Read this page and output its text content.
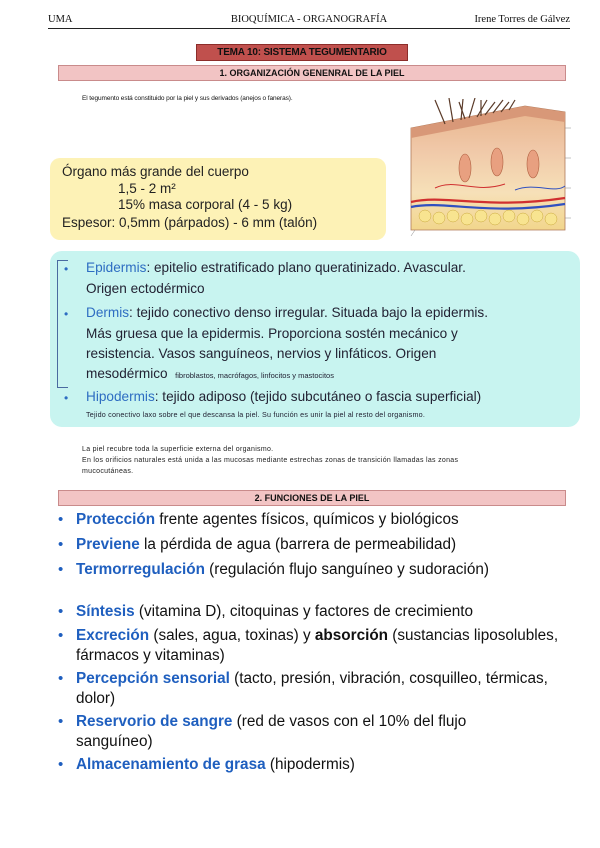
UMA	BIOQUÍMICA - ORGANOGRAFÍA	Irene Torres de Gálvez
TEMA 10: SISTEMA TEGUMENTARIO
1. ORGANIZACIÓN GENENRAL DE LA PIEL
El tegumento está constituido por la piel y sus derivados (anejos o faneras).
Órgano más grande del cuerpo
1,5 - 2 m²
15% masa corporal (4 - 5 kg)
Espesor: 0,5mm (párpados) - 6 mm (talón)
• Epidermis: epitelio estratificado plano queratinizado. Avascular.
Origen ectodérmico
• Dermis: tejido conectivo denso irregular. Situada bajo la epidermis.
Más gruesa que la epidermis. Proporciona sostén mecánico y
resistencia. Vasos sanguíneos, nervios y linfáticos. Origen
mesodérmico fibroblastos, macrófagos, linfocitos y mastocitos
• Hipodermis: tejido adiposo (tejido subcutáneo o fascia superficial)
Tejido conectivo laxo sobre el que descansa la piel. Su función es unir la piel al resto del organismo.
La piel recubre toda la superficie externa del organismo.
En los orificios naturales está unida a las mucosas mediante estrechas zonas de transición llamadas las zonas
mucocutáneas.
2. FUNCIONES DE LA PIEL
• Protección frente agentes físicos, químicos y biológicos
• Previene la pérdida de agua (barrera de permeabilidad)
• Termorregulación (regulación flujo sanguíneo y sudoración)
• Síntesis (vitamina D), citoquinas y factores de crecimiento
• Excreción (sales, agua, toxinas) y absorción (sustancias liposolubles, fármacos y vitaminas)
• Percepción sensorial (tacto, presión, vibración, cosquilleo, térmicas, dolor)
• Reservorio de sangre (red de vasos con el 10% del flujo sanguíneo)
• Almacenamiento de grasa (hipodermis)
